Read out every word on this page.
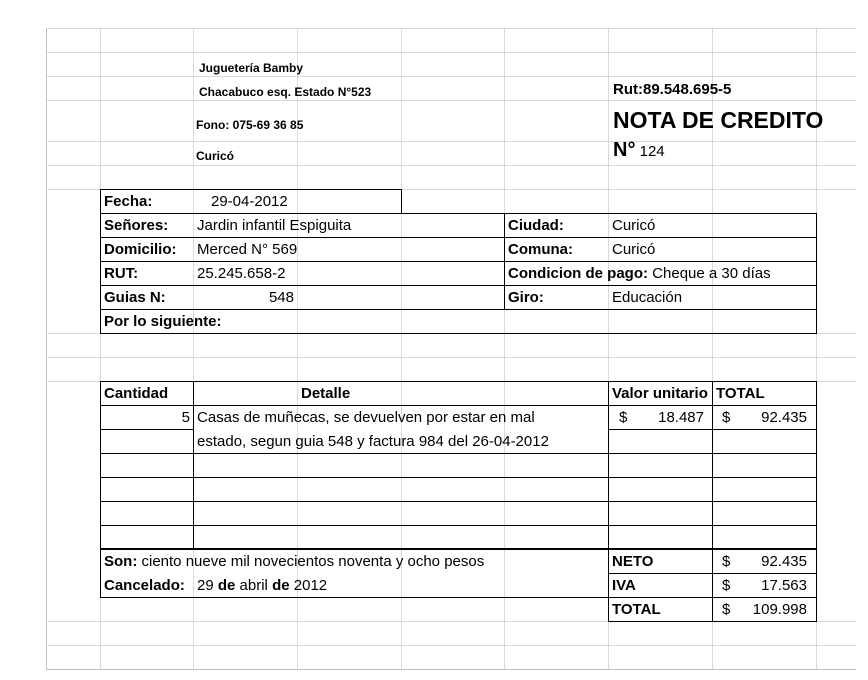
Juguetería Bamby
Chacabuco esq. Estado N°523
Fono: 075-69 36 85
Curicó
Rut:89.548.695-5
NOTA DE CREDITO
N° 124
Fecha:	29-04-2012
Señores: Jardin infantil Espiguita
Domicilio: Merced N° 569
RUT:	25.245.658-2
Guias N:	548
Por lo siguiente:
Ciudad:	Curicó
Comuna:	Curicó
Condicion de pago: Cheque a 30 días
Giro:	Educación
Cantidad	Detalle	Valor unitario TOTAL
5 Casas de muñecas, se devuelven por estar en mal	$	18.487 $	92.435
estado, segun guia 548 y factura 984 del 26-04-2012
Son: ciento nueve mil novecientos noventa y ocho pesos
Cancelado: 29 de abril de 2012
NETO	$	92.435
IVA	$	17.563
TOTAL	$	109.998
